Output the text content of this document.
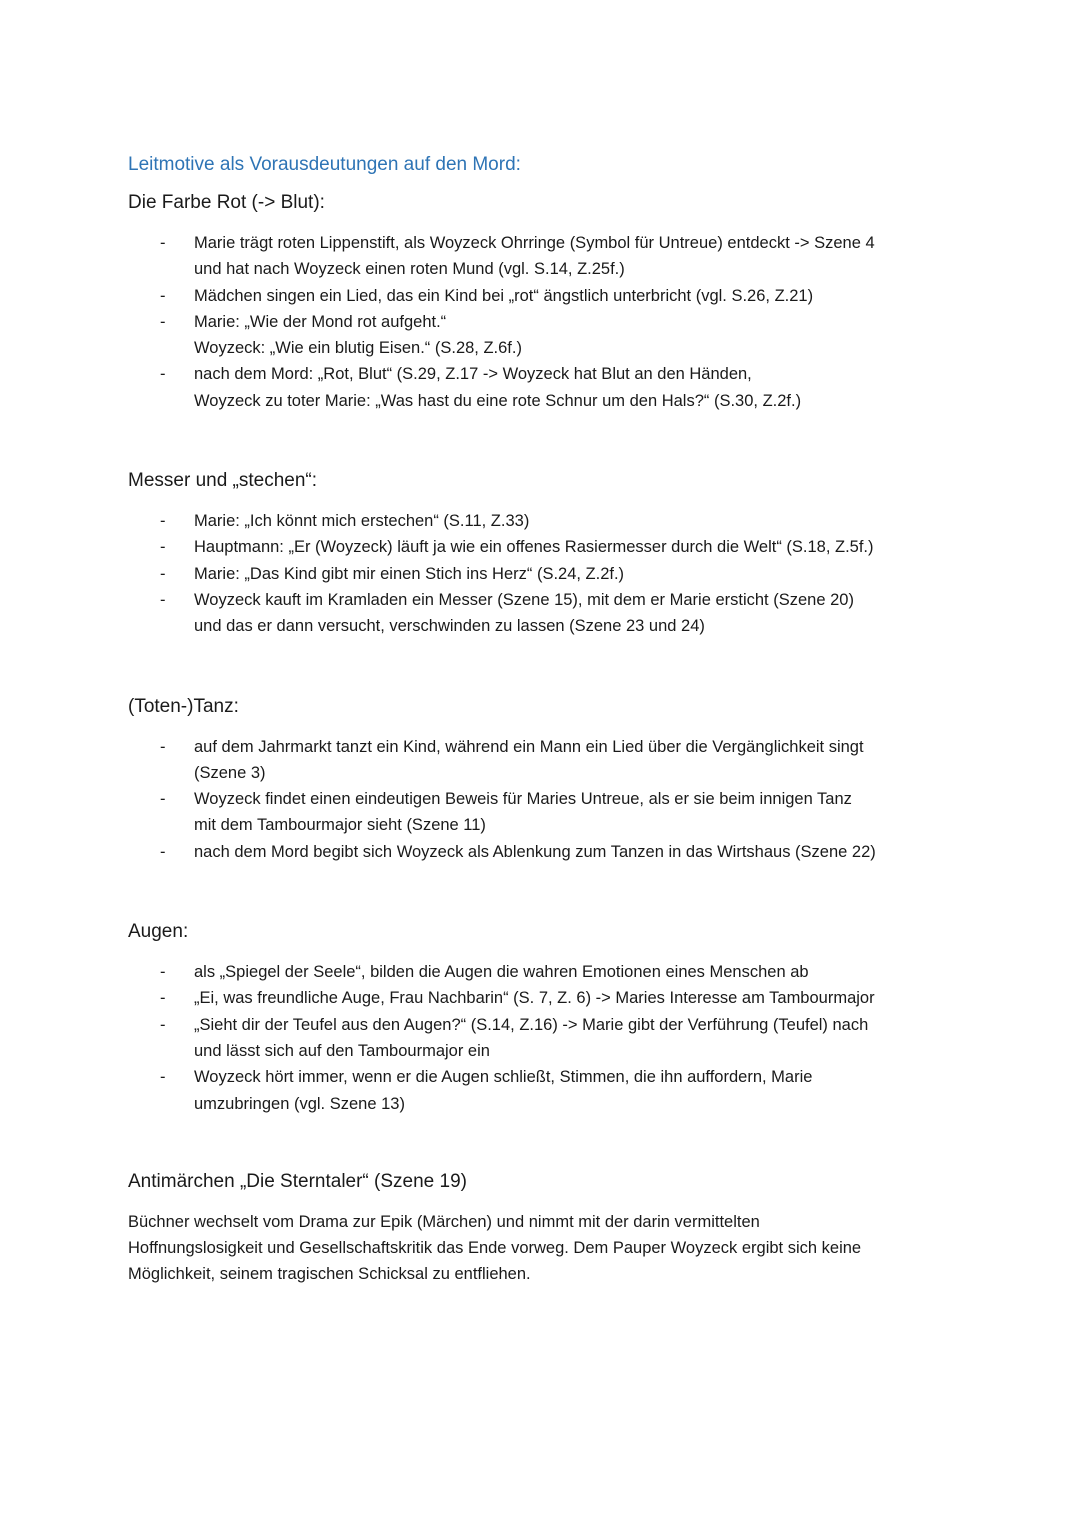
Leitmotive als Vorausdeutungen auf den Mord:
Die Farbe Rot (-> Blut):
- Marie trägt roten Lippenstift, als Woyzeck Ohrringe (Symbol für Untreue) entdeckt -> Szene 4
und hat nach Woyzeck einen roten Mund (vgl. S.14, Z.25f.)
- Mädchen singen ein Lied, das ein Kind bei „rot“ ängstlich unterbricht (vgl. S.26, Z.21)
- Marie: „Wie der Mond rot aufgeht.“
Woyzeck: „Wie ein blutig Eisen.“ (S.28, Z.6f.)
- nach dem Mord: „Rot, Blut“ (S.29, Z.17 -> Woyzeck hat Blut an den Händen,
Woyzeck zu toter Marie: „Was hast du eine rote Schnur um den Hals?“ (S.30, Z.2f.)
Messer und „stechen“:
- Marie: „Ich könnt mich erstechen“ (S.11, Z.33)
- Hauptmann: „Er (Woyzeck) läuft ja wie ein offenes Rasiermesser durch die Welt“ (S.18, Z.5f.)
- Marie: „Das Kind gibt mir einen Stich ins Herz“ (S.24, Z.2f.)
- Woyzeck kauft im Kramladen ein Messer (Szene 15), mit dem er Marie ersticht (Szene 20)
und das er dann versucht, verschwinden zu lassen (Szene 23 und 24)
(Toten-)Tanz:
- auf dem Jahrmarkt tanzt ein Kind, während ein Mann ein Lied über die Vergänglichkeit singt
(Szene 3)
- Woyzeck findet einen eindeutigen Beweis für Maries Untreue, als er sie beim innigen Tanz
mit dem Tambourmajor sieht (Szene 11)
- nach dem Mord begibt sich Woyzeck als Ablenkung zum Tanzen in das Wirtshaus (Szene 22)
Augen:
- als „Spiegel der Seele“, bilden die Augen die wahren Emotionen eines Menschen ab
- „Ei, was freundliche Auge, Frau Nachbarin“ (S. 7, Z. 6) -> Maries Interesse am Tambourmajor
- „Sieht dir der Teufel aus den Augen?“ (S.14, Z.16) -> Marie gibt der Verführung (Teufel) nach
und lässt sich auf den Tambourmajor ein
- Woyzeck hört immer, wenn er die Augen schließt, Stimmen, die ihn auffordern, Marie
umzubringen (vgl. Szene 13)
Antimärchen „Die Sterntaler“ (Szene 19)
Büchner wechselt vom Drama zur Epik (Märchen) und nimmt mit der darin vermittelten
Hoffnungslosigkeit und Gesellschaftskritik das Ende vorweg. Dem Pauper Woyzeck ergibt sich keine
Möglichkeit, seinem tragischen Schicksal zu entfliehen.
